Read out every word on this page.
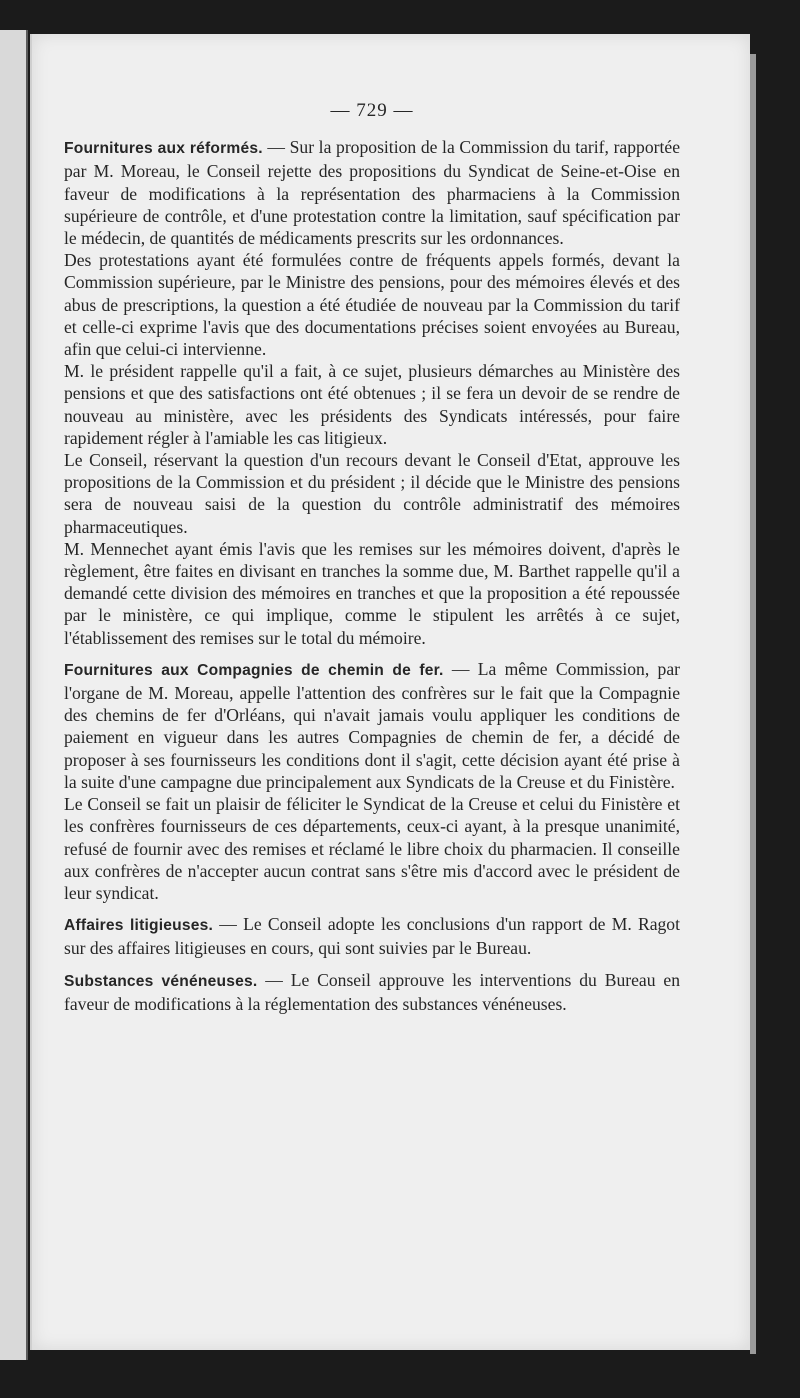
— 729 —

Fournitures aux réformés. — Sur la proposition de la Commission du tarif, rapportée par M. Moreau, le Conseil rejette des propositions du Syndicat de Seine-et-Oise en faveur de modifications à la représentation des pharmaciens à la Commission supérieure de contrôle, et d'une protestation contre la limitation, sauf spécification par le médecin, de quantités de médicaments prescrits sur les ordonnances.

Des protestations ayant été formulées contre de fréquents appels formés, devant la Commission supérieure, par le Ministre des pensions, pour des mémoires élevés et des abus de prescriptions, la question a été étudiée de nouveau par la Commission du tarif et celle-ci exprime l'avis que des documentations précises soient envoyées au Bureau, afin que celui-ci intervienne.

M. le président rappelle qu'il a fait, à ce sujet, plusieurs démarches au Ministère des pensions et que des satisfactions ont été obtenues ; il se fera un devoir de se rendre de nouveau au ministère, avec les présidents des Syndicats intéressés, pour faire rapidement régler à l'amiable les cas litigieux.

Le Conseil, réservant la question d'un recours devant le Conseil d'Etat, approuve les propositions de la Commission et du président ; il décide que le Ministre des pensions sera de nouveau saisi de la question du contrôle administratif des mémoires pharmaceutiques.

M. Mennechet ayant émis l'avis que les remises sur les mémoires doivent, d'après le règlement, être faites en divisant en tranches la somme due, M. Barthet rappelle qu'il a demandé cette division des mémoires en tranches et que la proposition a été repoussée par le ministère, ce qui implique, comme le stipulent les arrêtés à ce sujet, l'établissement des remises sur le total du mémoire.

Fournitures aux Compagnies de chemin de fer. — La même Commission, par l'organe de M. Moreau, appelle l'attention des confrères sur le fait que la Compagnie des chemins de fer d'Orléans, qui n'avait jamais voulu appliquer les conditions de paiement en vigueur dans les autres Compagnies de chemin de fer, a décidé de proposer à ses fournisseurs les conditions dont il s'agit, cette décision ayant été prise à la suite d'une campagne due principalement aux Syndicats de la Creuse et du Finistère.

Le Conseil se fait un plaisir de féliciter le Syndicat de la Creuse et celui du Finistère et les confrères fournisseurs de ces départements, ceux-ci ayant, à la presque unanimité, refusé de fournir avec des remises et réclamé le libre choix du pharmacien. Il conseille aux confrères de n'accepter aucun contrat sans s'être mis d'accord avec le président de leur syndicat.

Affaires litigieuses. — Le Conseil adopte les conclusions d'un rapport de M. Ragot sur des affaires litigieuses en cours, qui sont suivies par le Bureau.

Substances vénéneuses. — Le Conseil approuve les interventions du Bureau en faveur de modifications à la réglementation des substances vénéneuses.
